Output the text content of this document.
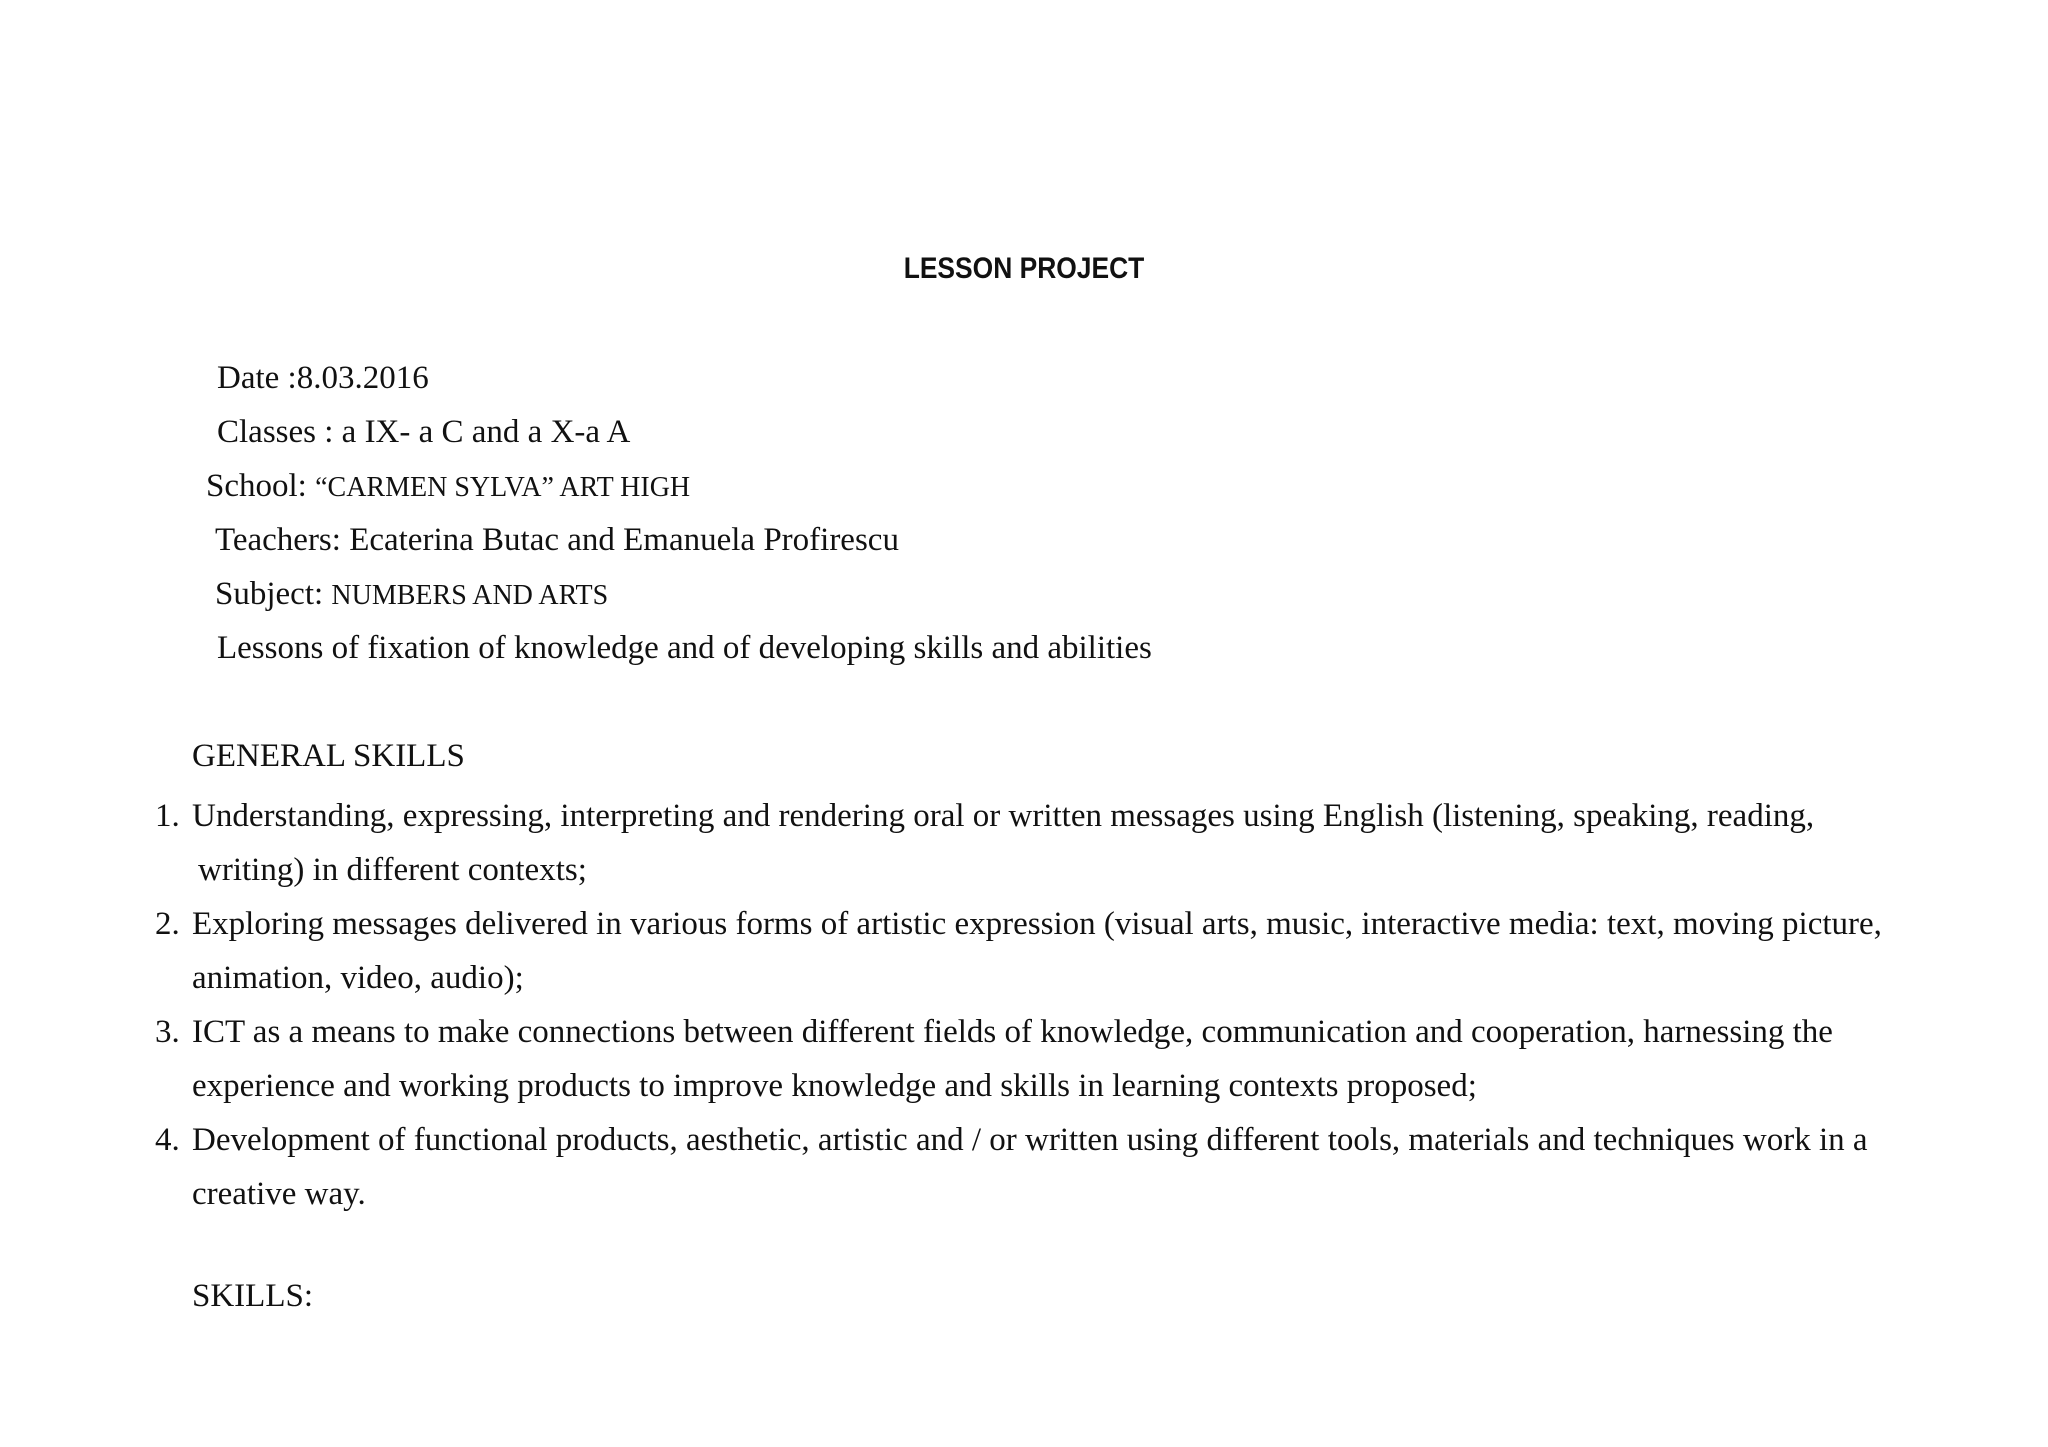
LESSON PROJECT
Date :8.03.2016
Classes : a IX- a C and a X-a A
School: “CARMEN SYLVA” ART HIGH
Teachers: Ecaterina Butac and Emanuela Profirescu
Subject: NUMBERS AND ARTS
Lessons of fixation of knowledge and of developing skills and abilities
GENERAL SKILLS
1. Understanding, expressing, interpreting and rendering oral or written messages using English (listening, speaking, reading,
writing) in different contexts;
2. Exploring messages delivered in various forms of artistic expression (visual arts, music, interactive media: text, moving picture,
animation, video, audio);
3. ICT as a means to make connections between different fields of knowledge, communication and cooperation, harnessing the
experience and working products to improve knowledge and skills in learning contexts proposed;
4. Development of functional products, aesthetic, artistic and / or written using different tools, materials and techniques work in a
creative way.
SKILLS:
